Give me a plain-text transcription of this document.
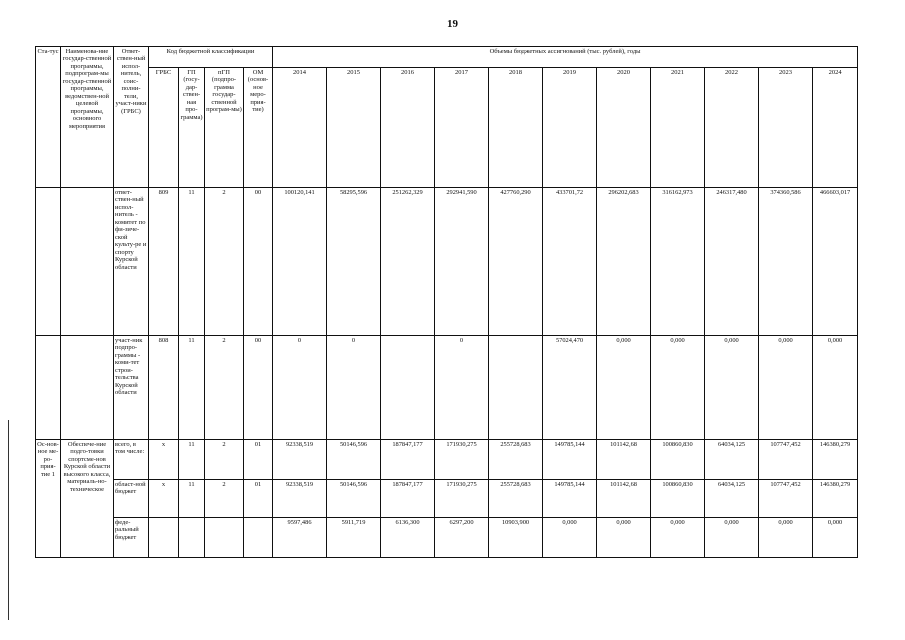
19
Ста-тус	Наименова-ние государ-ственной программы, подпрограм-мы государ-ственной программы, ведомствен-ной целевой программы, основного мероприятия	Ответ-ствен-ный испол-нитель, соис-полни-тели, участ-ники (ГРБС)	Код бюджетной классификации				Объемы бюджетных ассигнований (тыс. рублей), годы										
			ГРБС	ГП (госу-дар-ствен-ная про-грамма)	пГП (подпро-грамма государ-ственной програм-мы)	ОМ (основ-ное меро-прия-тие)	2014	2015	2016	2017	2018	2019	2020	2021	2022	2023	2024
		ответ-ствен-ный испол-нитель - комитет по фи-зиче-ской культу-ре и спорту Курской области	809	11	2	00	100120,141	58295,596	251262,329	292941,590	427760,290	433701,72	296202,683	316162,973	246317,480	374360,586	466603,017
		участ-ник подпро-граммы - коми-тет строи-тельства Курской области	808	11	2	00	0	0		0		57024,470	0,000	0,000	0,000	0,000	0,000
Ос-нов-ное ме-ро-прия-тие 1	Обеспече-ние подго-товки спортсме-нов Курской области высокого класса, материаль-но-техническое	всего, в том числе:	х	11	2	01	92338,519	50146,596	187847,177	171930,275	255728,683	149785,144	101142,68	100860,830	64034,125	107747,452	146380,279
		област-ной бюджет	х	11	2	01	92338,519	50146,596	187847,177	171930,275	255728,683	149785,144	101142,68	100860,830	64034,125	107747,452	146380,279
		феде-ральный бюджет					9597,486	5911,719	6136,300	6297,200	10903,900	0,000	0,000	0,000	0,000	0,000	0,000
